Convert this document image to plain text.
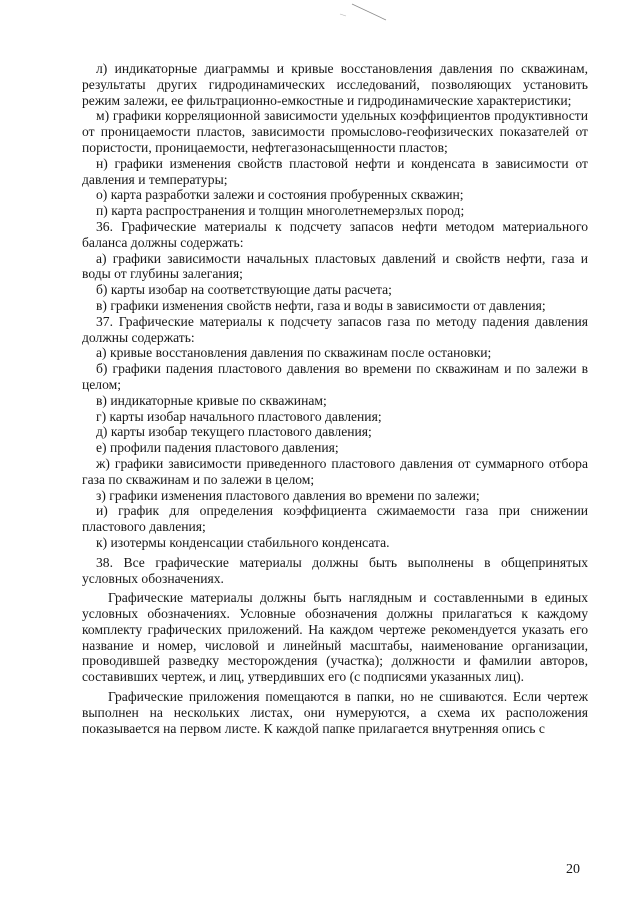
л) индикаторные диаграммы и кривые восстановления давления по скважинам, результаты других гидродинамических исследований, позволяющих установить режим залежи, ее фильтрационно-емкостные и гидродинамические характеристики;

м) графики корреляционной зависимости удельных коэффициентов продуктивности от проницаемости пластов, зависимости промыслово-геофизических показателей от пористости, проницаемости, нефтегазонасыщенности пластов;

н) графики изменения свойств пластовой нефти и конденсата в зависимости от давления и температуры;

о) карта разработки залежи и состояния пробуренных скважин;

п) карта распространения и толщин многолетнемерзлых пород;

36. Графические материалы к подсчету запасов нефти методом материального баланса должны содержать:

а) графики зависимости начальных пластовых давлений и свойств нефти, газа и воды от глубины залегания;

б) карты изобар на соответствующие даты расчета;

в) графики изменения свойств нефти, газа и воды в зависимости от давления;

37. Графические материалы к подсчету запасов газа по методу падения давления должны содержать:

а) кривые восстановления давления по скважинам после остановки;

б) графики падения пластового давления во времени по скважинам и по залежи в целом;

в) индикаторные кривые по скважинам;

г) карты изобар начального пластового давления;

д) карты изобар текущего пластового давления;

е) профили падения пластового давления;

ж) графики зависимости приведенного пластового давления от суммарного отбора газа по скважинам и по залежи в целом;

з) графики изменения пластового давления во времени по залежи;

и) график для определения коэффициента сжимаемости газа при снижении пластового давления;

к) изотермы конденсации стабильного конденсата.

38. Все графические материалы должны быть выполнены в общепринятых условных обозначениях.

Графические материалы должны быть наглядным и составленными в единых условных обозначениях. Условные обозначения должны прилагаться к каждому комплекту графических приложений. На каждом чертеже рекомендуется указать его название и номер, числовой и линейный масштабы, наименование организации, проводившей разведку месторождения (участка); должности и фамилии авторов, составивших чертеж, и лиц, утвердивших его (с подписями указанных лиц).

Графические приложения помещаются в папки, но не сшиваются. Если чертеж выполнен на нескольких листах, они нумеруются, а схема их расположения показывается на первом листе. К каждой папке прилагается внутренняя опись с

20
